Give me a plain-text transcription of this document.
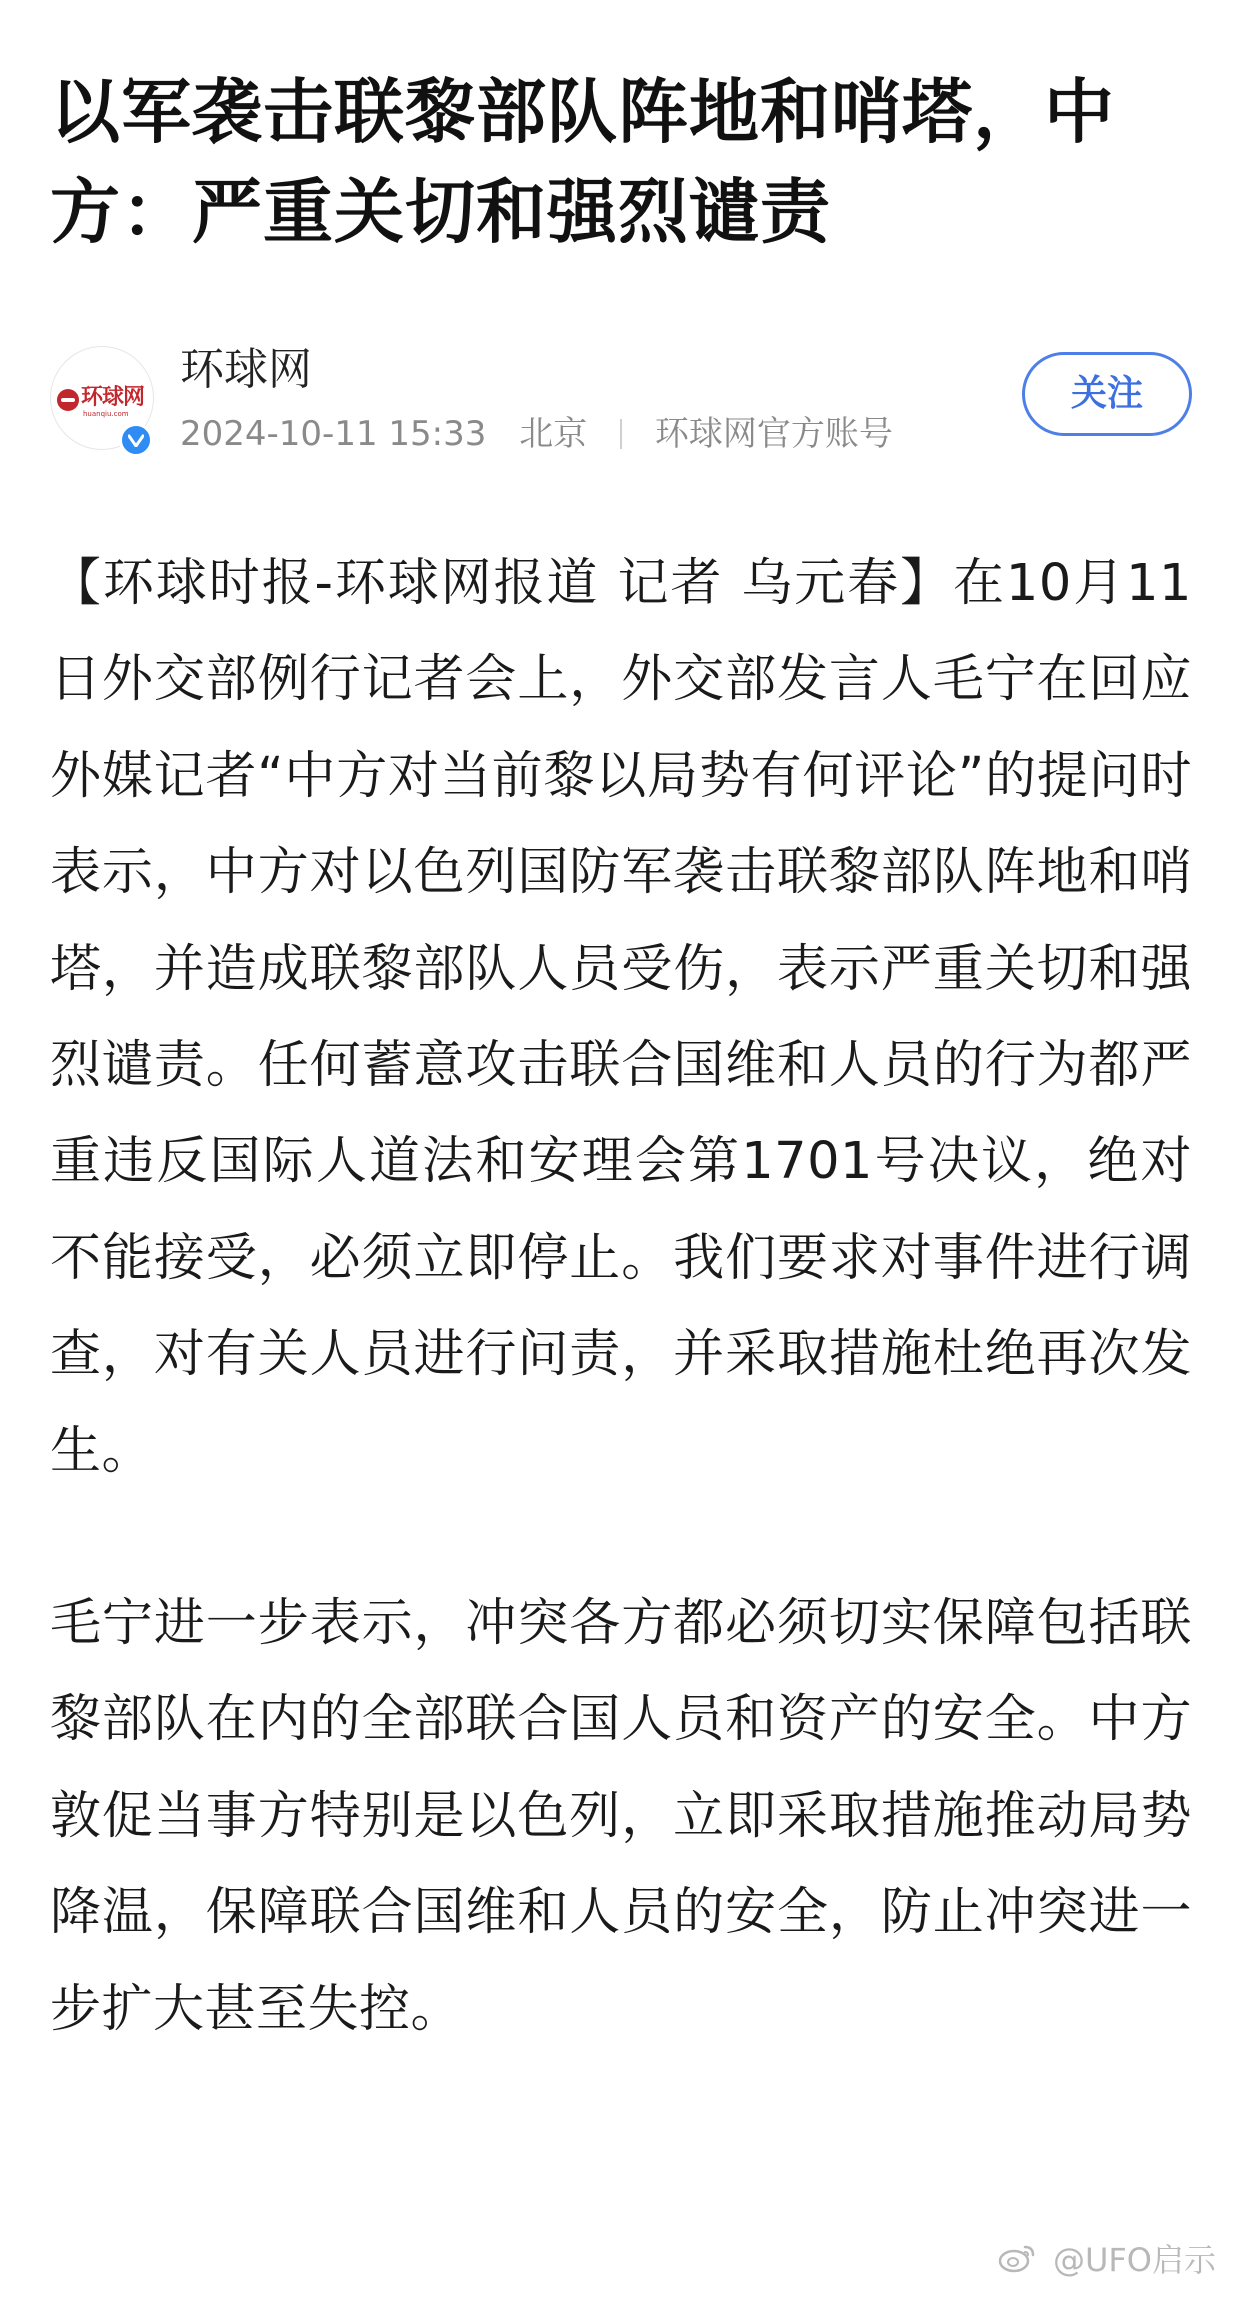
以军袭击联黎部队阵地和哨塔，中方：严重关切和强烈谴责
环球网
huanqiu.com
环球网
2024-10-11 15:33 北京 环球网官方账号
关注

【环球时报-环球网报道 记者 乌元春】在10月11日外交部例行记者会上，外交部发言人毛宁在回应外媒记者“中方对当前黎以局势有何评论”的提问时表示，中方对以色列国防军袭击联黎部队阵地和哨塔，并造成联黎部队人员受伤，表示严重关切和强烈谴责。任何蓄意攻击联合国维和人员的行为都严重违反国际人道法和安理会第1701号决议，绝对不能接受，必须立即停止。我们要求对事件进行调查，对有关人员进行问责，并采取措施杜绝再次发生。

毛宁进一步表示，冲突各方都必须切实保障包括联黎部队在内的全部联合国人员和资产的安全。中方敦促当事方特别是以色列，立即采取措施推动局势降温，保障联合国维和人员的安全，防止冲突进一步扩大甚至失控。

@UFO启示
